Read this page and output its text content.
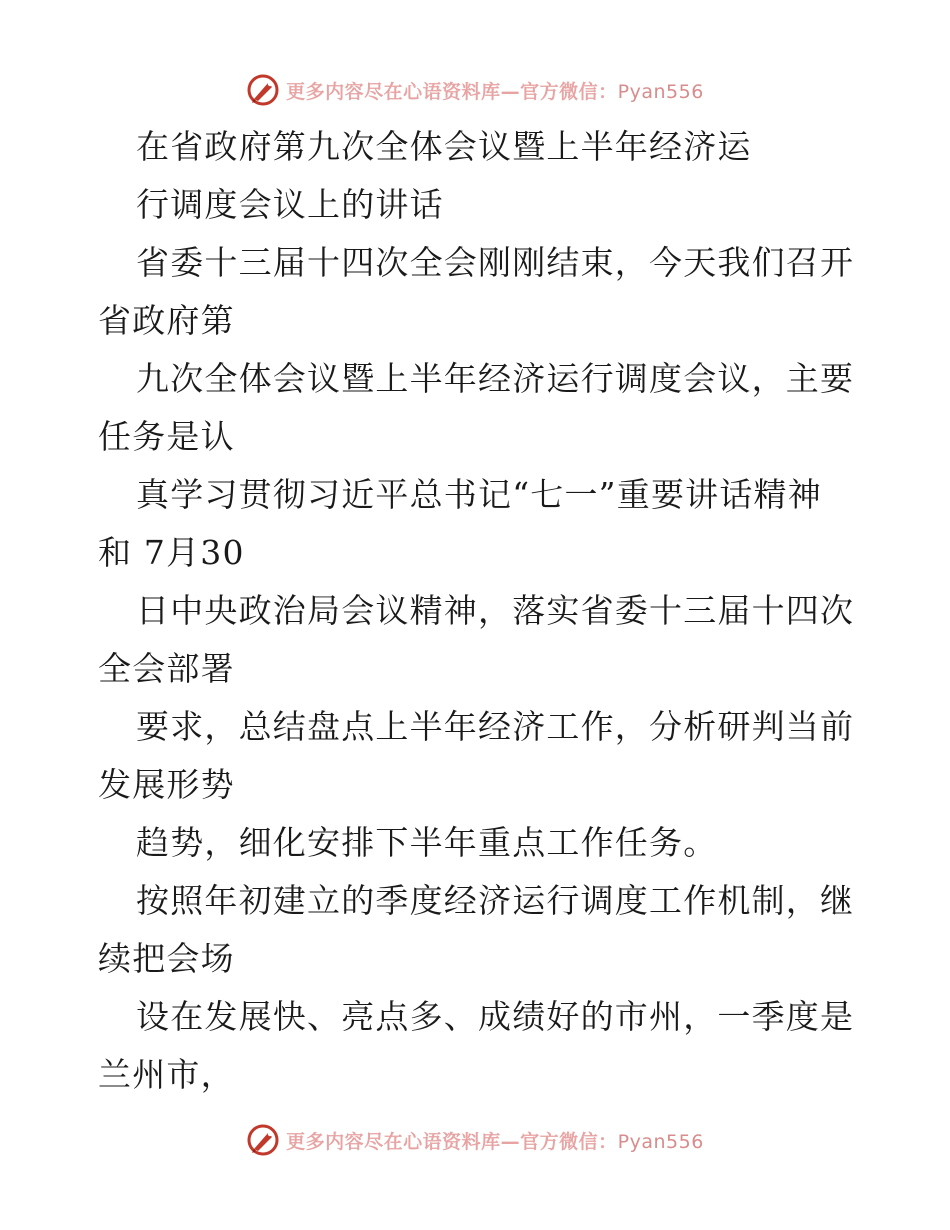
更多内容尽在心语资料库—官方微信：Pyan556
在省政府第九次全体会议暨上半年经济运
行调度会议上的讲话
省委十三届十四次全会刚刚结束，今天我们召开
省政府第
九次全体会议暨上半年经济运行调度会议，主要
任务是认
真学习贯彻习近平总书记“七一”重要讲话精神
和 7月30
日中央政治局会议精神，落实省委十三届十四次
全会部署
要求，总结盘点上半年经济工作，分析研判当前
发展形势
趋势，细化安排下半年重点工作任务。
按照年初建立的季度经济运行调度工作机制，继
续把会场
设在发展快、亮点多、成绩好的市州，一季度是
兰州市，
更多内容尽在心语资料库—官方微信：Pyan556
